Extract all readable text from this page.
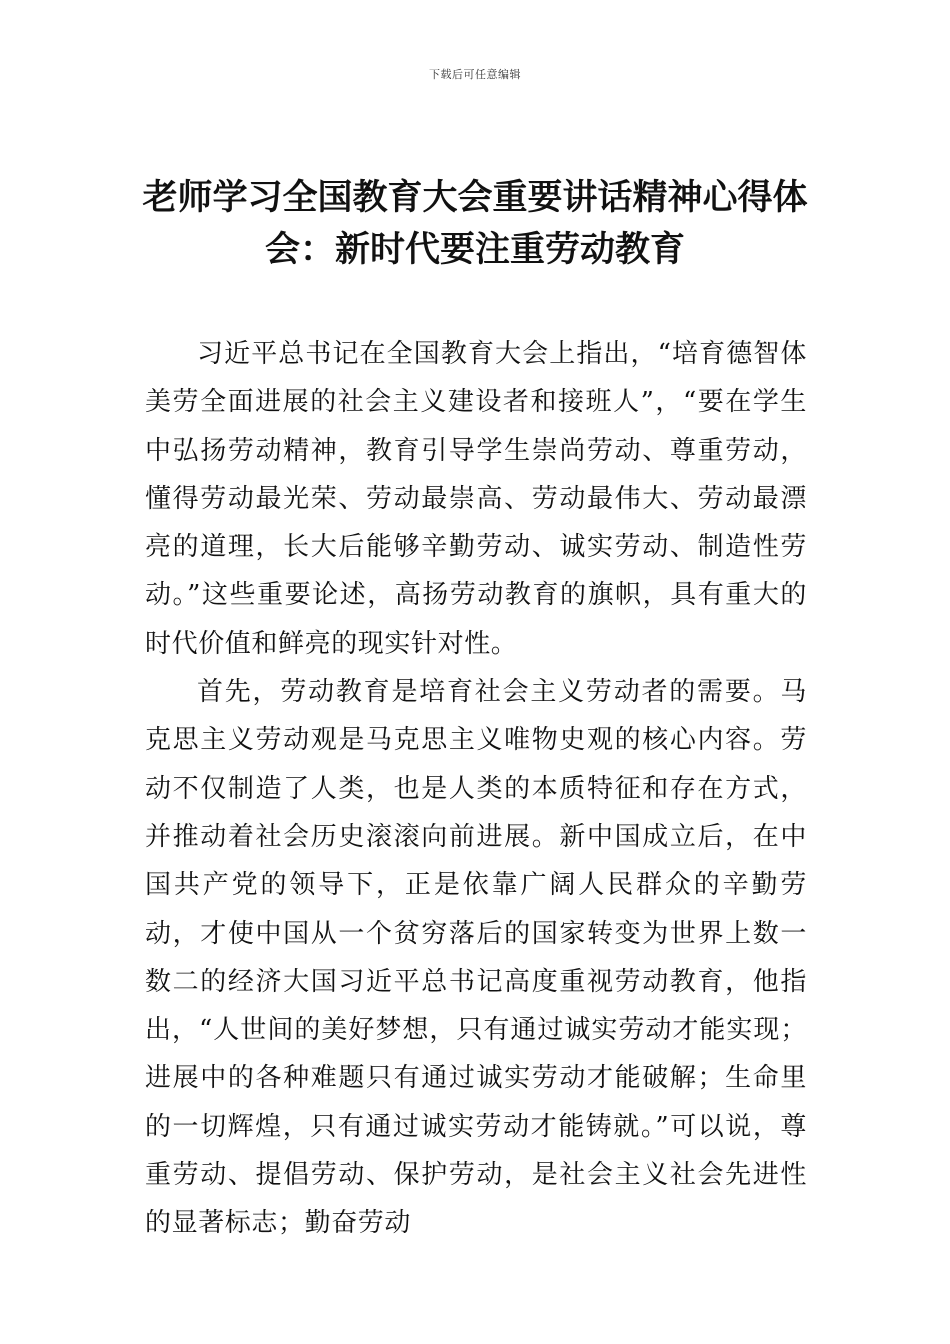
下载后可任意编辑
老师学习全国教育大会重要讲话精神心得体会：新时代要注重劳动教育

习近平总书记在全国教育大会上指出，“培育德智体美劳全面进展的社会主义建设者和接班人”，“要在学生中弘扬劳动精神，教育引导学生崇尚劳动、尊重劳动，懂得劳动最光荣、劳动最崇高、劳动最伟大、劳动最漂亮的道理，长大后能够辛勤劳动、诚实劳动、制造性劳动。”这些重要论述，高扬劳动教育的旗帜，具有重大的时代价值和鲜亮的现实针对性。

首先，劳动教育是培育社会主义劳动者的需要。马克思主义劳动观是马克思主义唯物史观的核心内容。劳动不仅制造了人类，也是人类的本质特征和存在方式，并推动着社会历史滚滚向前进展。新中国成立后，在中国共产党的领导下，正是依靠广阔人民群众的辛勤劳动，才使中国从一个贫穷落后的国家转变为世界上数一数二的经济大国习近平总书记高度重视劳动教育，他指出，“人世间的美好梦想，只有通过诚实劳动才能实现；进展中的各种难题只有通过诚实劳动才能破解；生命里的一切辉煌，只有通过诚实劳动才能铸就。”可以说，尊重劳动、提倡劳动、保护劳动，是社会主义社会先进性的显著标志；勤奋劳动
